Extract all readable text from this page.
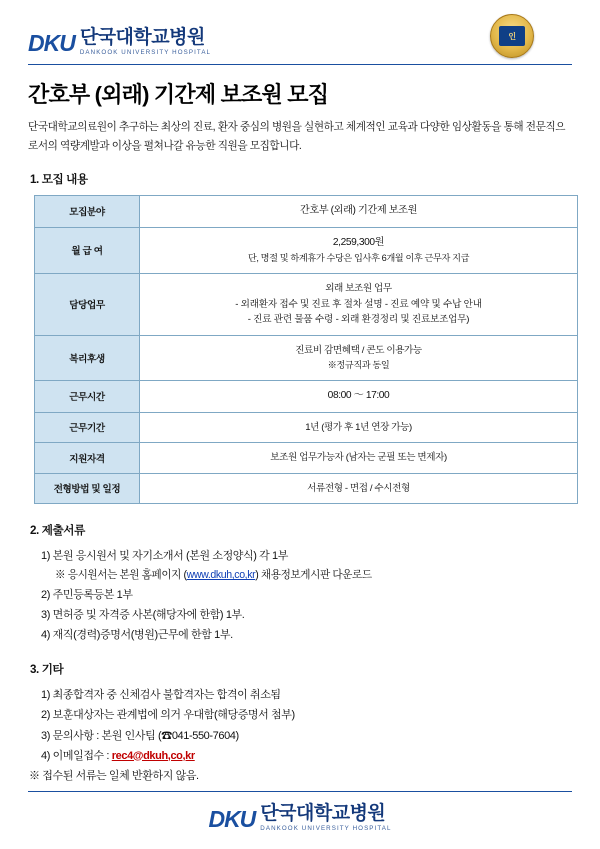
DKU 단국대학교병원
DANKOOK UNIVERSITY HOSPITAL
인
간호부 (외래) 기간제 보조원 모집

단국대학교의료원이 추구하는 최상의 진료, 환자 중심의 병원을 실현하고 체계적인 교육과 다양한 임상활동을 통해 전문직으로서의 역량계발과 이상을 펼쳐나갈 유능한 직원을 모집합니다.

1. 모집 내용
모집분야	간호부 (외래) 기간제 보조원

월 급 여	2,259,300원
단, 명절 및 하계휴가 수당은 입사후 6개월 이후 근무자 지급

담당업무	외래 보조원 업무
- 외래환자 접수 및 진료 후 절차 설명 - 진료 예약 및 수납 안내
- 진료 관련 물품 수령 - 외래 환경정리 및 진료보조업무)

복리후생	진료비 감면혜택 / 콘도 이용가능
※정규직과 동일

근무시간	08:00 ～ 17:00

근무기간	1년 (평가 후 1년 연장 가능)

지원자격	보조원 업무가능자 (남자는 군필 또는 면제자)

전형방법 및 일정	서류전형 - 면접 / 수시전형
2. 제출서류
1) 본원 응시원서 및 자기소개서 (본원 소정양식) 각 1부
※ 응시원서는 본원 홈페이지 (www.dkuh,co,kr) 채용정보게시판 다운로드
2) 주민등록등본 1부
3) 면허증 및 자격증 사본(해당자에 한함) 1부.
4) 재직(경력)증명서(병원)근무에 한함 1부.
3. 기타
1) 최종합격자 중 신체검사 불합격자는 합격이 취소됨
2) 보훈대상자는 관계법에 의거 우대함(해당증명서 첨부)
3) 문의사항 : 본원 인사팀 (☎041-550-7604)
4) 이메일접수 : rec4@dkuh,co,kr
※ 접수된 서류는 일체 반환하지 않음.
DKU 단국대학교병원
DANKOOK UNIVERSITY HOSPITAL
